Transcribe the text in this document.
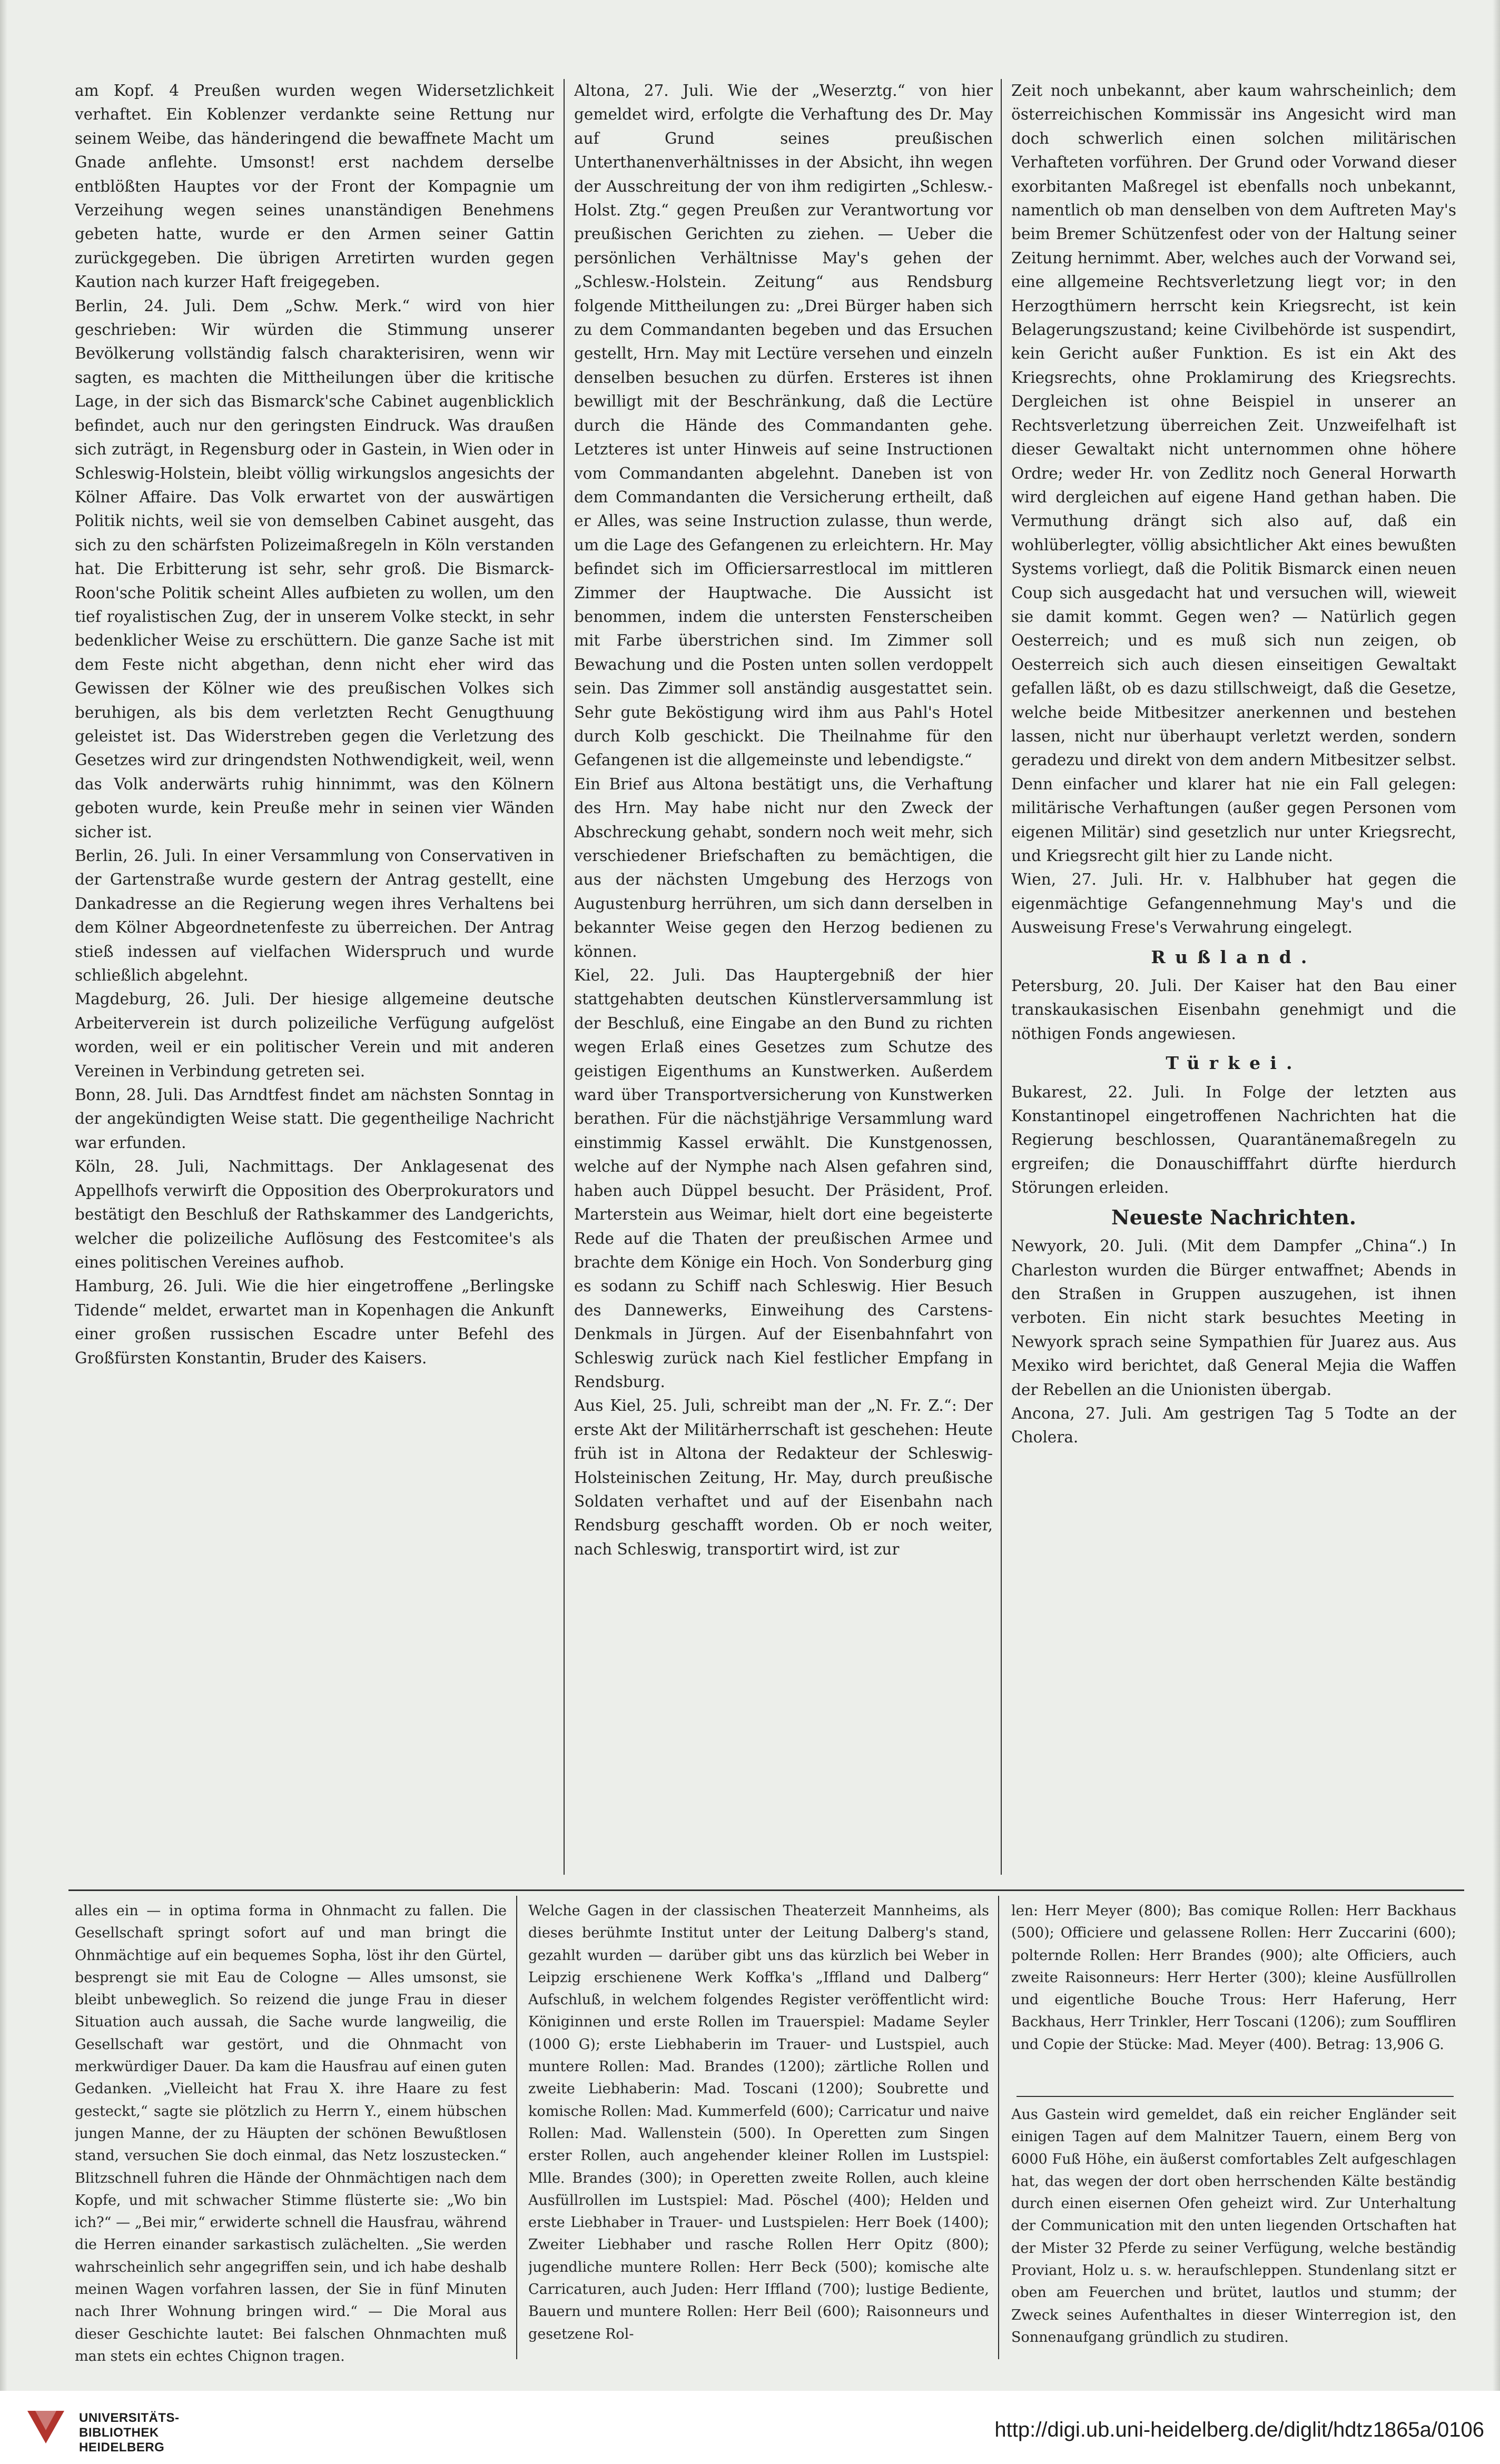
am Kopf. 4 Preußen wurden wegen Widersetzlichkeit verhaftet. Ein Koblenzer verdankte seine Rettung nur seinem Weibe, das händeringend die bewaffnete Macht um Gnade anflehte. Umsonst! erst nachdem derselbe entblößten Hauptes vor der Front der Kompagnie um Verzeihung wegen seines unanständigen Benehmens gebeten hatte, wurde er den Armen seiner Gattin zurückgegeben. Die übrigen Arretirten wurden gegen Kaution nach kurzer Haft freigegeben.

Berlin, 24. Juli. Dem „Schw. Merk.“ wird von hier geschrieben: Wir würden die Stimmung unserer Bevölkerung vollständig falsch charakterisiren, wenn wir sagten, es machten die Mittheilungen über die kritische Lage, in der sich das Bismarck'sche Cabinet augenblicklich befindet, auch nur den geringsten Eindruck. Was draußen sich zuträgt, in Regensburg oder in Gastein, in Wien oder in Schleswig-Holstein, bleibt völlig wirkungslos angesichts der Kölner Affaire. Das Volk erwartet von der auswärtigen Politik nichts, weil sie von demselben Cabinet ausgeht, das sich zu den schärfsten Polizeimaßregeln in Köln verstanden hat. Die Erbitterung ist sehr, sehr groß. Die Bismarck-Roon'sche Politik scheint Alles aufbieten zu wollen, um den tief royalistischen Zug, der in unserem Volke steckt, in sehr bedenklicher Weise zu erschüttern. Die ganze Sache ist mit dem Feste nicht abgethan, denn nicht eher wird das Gewissen der Kölner wie des preußischen Volkes sich beruhigen, als bis dem verletzten Recht Genugthuung geleistet ist. Das Widerstreben gegen die Verletzung des Gesetzes wird zur dringendsten Nothwendigkeit, weil, wenn das Volk anderwärts ruhig hinnimmt, was den Kölnern geboten wurde, kein Preuße mehr in seinen vier Wänden sicher ist.

Berlin, 26. Juli. In einer Versammlung von Conservativen in der Gartenstraße wurde gestern der Antrag gestellt, eine Dankadresse an die Regierung wegen ihres Verhaltens bei dem Kölner Abgeordnetenfeste zu überreichen. Der Antrag stieß indessen auf vielfachen Widerspruch und wurde schließlich abgelehnt.

Magdeburg, 26. Juli. Der hiesige allgemeine deutsche Arbeiterverein ist durch polizeiliche Verfügung aufgelöst worden, weil er ein politischer Verein und mit anderen Vereinen in Verbindung getreten sei.

Bonn, 28. Juli. Das Arndtfest findet am nächsten Sonntag in der angekündigten Weise statt. Die gegentheilige Nachricht war erfunden.

Köln, 28. Juli, Nachmittags. Der Anklagesenat des Appellhofs verwirft die Opposition des Oberprokurators und bestätigt den Beschluß der Rathskammer des Landgerichts, welcher die polizeiliche Auflösung des Festcomitee's als eines politischen Vereines aufhob.

Hamburg, 26. Juli. Wie die hier eingetroffene „Berlingske Tidende“ meldet, erwartet man in Kopenhagen die Ankunft einer großen russischen Escadre unter Befehl des Großfürsten Konstantin, Bruder des Kaisers.

Altona, 27. Juli. Wie der „Weserztg.“ von hier gemeldet wird, erfolgte die Verhaftung des Dr. May auf Grund seines preußischen Unterthanenverhältnisses in der Absicht, ihn wegen der Ausschreitung der von ihm redigirten „Schlesw.-Holst. Ztg.“ gegen Preußen zur Verantwortung vor preußischen Gerichten zu ziehen. — Ueber die persönlichen Verhältnisse May's gehen der „Schlesw.-Holstein. Zeitung“ aus Rendsburg folgende Mittheilungen zu: „Drei Bürger haben sich zu dem Commandanten begeben und das Ersuchen gestellt, Hrn. May mit Lectüre versehen und einzeln denselben besuchen zu dürfen. Ersteres ist ihnen bewilligt mit der Beschränkung, daß die Lectüre durch die Hände des Commandanten gehe. Letzteres ist unter Hinweis auf seine Instructionen vom Commandanten abgelehnt. Daneben ist von dem Commandanten die Versicherung ertheilt, daß er Alles, was seine Instruction zulasse, thun werde, um die Lage des Gefangenen zu erleichtern. Hr. May befindet sich im Officiersarrestlocal im mittleren Zimmer der Hauptwache. Die Aussicht ist benommen, indem die untersten Fensterscheiben mit Farbe überstrichen sind. Im Zimmer soll Bewachung und die Posten unten sollen verdoppelt sein. Das Zimmer soll anständig ausgestattet sein. Sehr gute Beköstigung wird ihm aus Pahl's Hotel durch Kolb geschickt. Die Theilnahme für den Gefangenen ist die allgemeinste und lebendigste.“

Ein Brief aus Altona bestätigt uns, die Verhaftung des Hrn. May habe nicht nur den Zweck der Abschreckung gehabt, sondern noch weit mehr, sich verschiedener Briefschaften zu bemächtigen, die aus der nächsten Umgebung des Herzogs von Augustenburg herrühren, um sich dann derselben in bekannter Weise gegen den Herzog bedienen zu können.

Kiel, 22. Juli. Das Hauptergebniß der hier stattgehabten deutschen Künstlerversammlung ist der Beschluß, eine Eingabe an den Bund zu richten wegen Erlaß eines Gesetzes zum Schutze des geistigen Eigenthums an Kunstwerken. Außerdem ward über Transportversicherung von Kunstwerken berathen. Für die nächstjährige Versammlung ward einstimmig Kassel erwählt. Die Kunstgenossen, welche auf der Nymphe nach Alsen gefahren sind, haben auch Düppel besucht. Der Präsident, Prof. Marterstein aus Weimar, hielt dort eine begeisterte Rede auf die Thaten der preußischen Armee und brachte dem Könige ein Hoch. Von Sonderburg ging es sodann zu Schiff nach Schleswig. Hier Besuch des Dannewerks, Einweihung des Carstens-Denkmals in Jürgen. Auf der Eisenbahnfahrt von Schleswig zurück nach Kiel festlicher Empfang in Rendsburg.

Aus Kiel, 25. Juli, schreibt man der „N. Fr. Z.“: Der erste Akt der Militärherrschaft ist geschehen: Heute früh ist in Altona der Redakteur der Schleswig-Holsteinischen Zeitung, Hr. May, durch preußische Soldaten verhaftet und auf der Eisenbahn nach Rendsburg geschafft worden. Ob er noch weiter, nach Schleswig, transportirt wird, ist zur

Zeit noch unbekannt, aber kaum wahrscheinlich; dem österreichischen Kommissär ins Angesicht wird man doch schwerlich einen solchen militärischen Verhafteten vorführen. Der Grund oder Vorwand dieser exorbitanten Maßregel ist ebenfalls noch unbekannt, namentlich ob man denselben von dem Auftreten May's beim Bremer Schützenfest oder von der Haltung seiner Zeitung hernimmt. Aber, welches auch der Vorwand sei, eine allgemeine Rechtsverletzung liegt vor; in den Herzogthümern herrscht kein Kriegsrecht, ist kein Belagerungszustand; keine Civilbehörde ist suspendirt, kein Gericht außer Funktion. Es ist ein Akt des Kriegsrechts, ohne Proklamirung des Kriegsrechts. Dergleichen ist ohne Beispiel in unserer an Rechtsverletzung überreichen Zeit. Unzweifelhaft ist dieser Gewaltakt nicht unternommen ohne höhere Ordre; weder Hr. von Zedlitz noch General Horwarth wird dergleichen auf eigene Hand gethan haben. Die Vermuthung drängt sich also auf, daß ein wohlüberlegter, völlig absichtlicher Akt eines bewußten Systems vorliegt, daß die Politik Bismarck einen neuen Coup sich ausgedacht hat und versuchen will, wieweit sie damit kommt. Gegen wen? — Natürlich gegen Oesterreich; und es muß sich nun zeigen, ob Oesterreich sich auch diesen einseitigen Gewaltakt gefallen läßt, ob es dazu stillschweigt, daß die Gesetze, welche beide Mitbesitzer anerkennen und bestehen lassen, nicht nur überhaupt verletzt werden, sondern geradezu und direkt von dem andern Mitbesitzer selbst. Denn einfacher und klarer hat nie ein Fall gelegen: militärische Verhaftungen (außer gegen Personen vom eigenen Militär) sind gesetzlich nur unter Kriegsrecht, und Kriegsrecht gilt hier zu Lande nicht.

Wien, 27. Juli. Hr. v. Halbhuber hat gegen die eigenmächtige Gefangennehmung May's und die Ausweisung Frese's Verwahrung eingelegt.

Rußland.

Petersburg, 20. Juli. Der Kaiser hat den Bau einer transkaukasischen Eisenbahn genehmigt und die nöthigen Fonds angewiesen.

Türkei.

Bukarest, 22. Juli. In Folge der letzten aus Konstantinopel eingetroffenen Nachrichten hat die Regierung beschlossen, Quarantänemaßregeln zu ergreifen; die Donauschifffahrt dürfte hierdurch Störungen erleiden.

Neueste Nachrichten.

Newyork, 20. Juli. (Mit dem Dampfer „China“.) In Charleston wurden die Bürger entwaffnet; Abends in den Straßen in Gruppen auszugehen, ist ihnen verboten. Ein nicht stark besuchtes Meeting in Newyork sprach seine Sympathien für Juarez aus. Aus Mexiko wird berichtet, daß General Mejia die Waffen der Rebellen an die Unionisten übergab.

Ancona, 27. Juli. Am gestrigen Tag 5 Todte an der Cholera.

alles ein — in optima forma in Ohnmacht zu fallen. Die Gesellschaft springt sofort auf und man bringt die Ohnmächtige auf ein bequemes Sopha, löst ihr den Gürtel, besprengt sie mit Eau de Cologne — Alles umsonst, sie bleibt unbeweglich. So reizend die junge Frau in dieser Situation auch aussah, die Sache wurde langweilig, die Gesellschaft war gestört, und die Ohnmacht von merkwürdiger Dauer. Da kam die Hausfrau auf einen guten Gedanken. „Vielleicht hat Frau X. ihre Haare zu fest gesteckt,“ sagte sie plötzlich zu Herrn Y., einem hübschen jungen Manne, der zu Häupten der schönen Bewußtlosen stand, versuchen Sie doch einmal, das Netz loszustecken.“ Blitzschnell fuhren die Hände der Ohnmächtigen nach dem Kopfe, und mit schwacher Stimme flüsterte sie: „Wo bin ich?“ — „Bei mir,“ erwiderte schnell die Hausfrau, während die Herren einander sarkastisch zulächelten. „Sie werden wahrscheinlich sehr angegriffen sein, und ich habe deshalb meinen Wagen vorfahren lassen, der Sie in fünf Minuten nach Ihrer Wohnung bringen wird.“ — Die Moral aus dieser Geschichte lautet: Bei falschen Ohnmachten muß man stets ein echtes Chignon tragen.

Welche Gagen in der classischen Theaterzeit Mannheims, als dieses berühmte Institut unter der Leitung Dalberg's stand, gezahlt wurden — darüber gibt uns das kürzlich bei Weber in Leipzig erschienene Werk Koffka's „Iffland und Dalberg“ Aufschluß, in welchem folgendes Register veröffentlicht wird: Königinnen und erste Rollen im Trauerspiel: Madame Seyler (1000 G); erste Liebhaberin im Trauer- und Lustspiel, auch muntere Rollen: Mad. Brandes (1200); zärtliche Rollen und zweite Liebhaberin: Mad. Toscani (1200); Soubrette und komische Rollen: Mad. Kummerfeld (600); Carricatur und naive Rollen: Mad. Wallenstein (500). In Operetten zum Singen erster Rollen, auch angehender kleiner Rollen im Lustspiel: Mlle. Brandes (300); in Operetten zweite Rollen, auch kleine Ausfüllrollen im Lustspiel: Mad. Pöschel (400); Helden und erste Liebhaber in Trauer- und Lustspielen: Herr Boek (1400); Zweiter Liebhaber und rasche Rollen Herr Opitz (800); jugendliche muntere Rollen: Herr Beck (500); komische alte Carricaturen, auch Juden: Herr Iffland (700); lustige Bediente, Bauern und muntere Rollen: Herr Beil (600); Raisonneurs und gesetzene Rol-

len: Herr Meyer (800); Bas comique Rollen: Herr Backhaus (500); Officiere und gelassene Rollen: Herr Zuccarini (600); polternde Rollen: Herr Brandes (900); alte Officiers, auch zweite Raisonneurs: Herr Herter (300); kleine Ausfüllrollen und eigentliche Bouche Trous: Herr Haferung, Herr Backhaus, Herr Trinkler, Herr Toscani (1206); zum Souffliren und Copie der Stücke: Mad. Meyer (400). Betrag: 13,906 G.

Aus Gastein wird gemeldet, daß ein reicher Engländer seit einigen Tagen auf dem Malnitzer Tauern, einem Berg von 6000 Fuß Höhe, ein äußerst comfortables Zelt aufgeschlagen hat, das wegen der dort oben herrschenden Kälte beständig durch einen eisernen Ofen geheizt wird. Zur Unterhaltung der Communication mit den unten liegenden Ortschaften hat der Mister 32 Pferde zu seiner Verfügung, welche beständig Proviant, Holz u. s. w. heraufschleppen. Stundenlang sitzt er oben am Feuerchen und brütet, lautlos und stumm; der Zweck seines Aufenthaltes in dieser Winterregion ist, den Sonnenaufgang gründlich zu studiren.

UNIVERSITÄTS-
BIBLIOTHEK
HEIDELBERG
http://digi.ub.uni-heidelberg.de/diglit/hdtz1865a/0106
